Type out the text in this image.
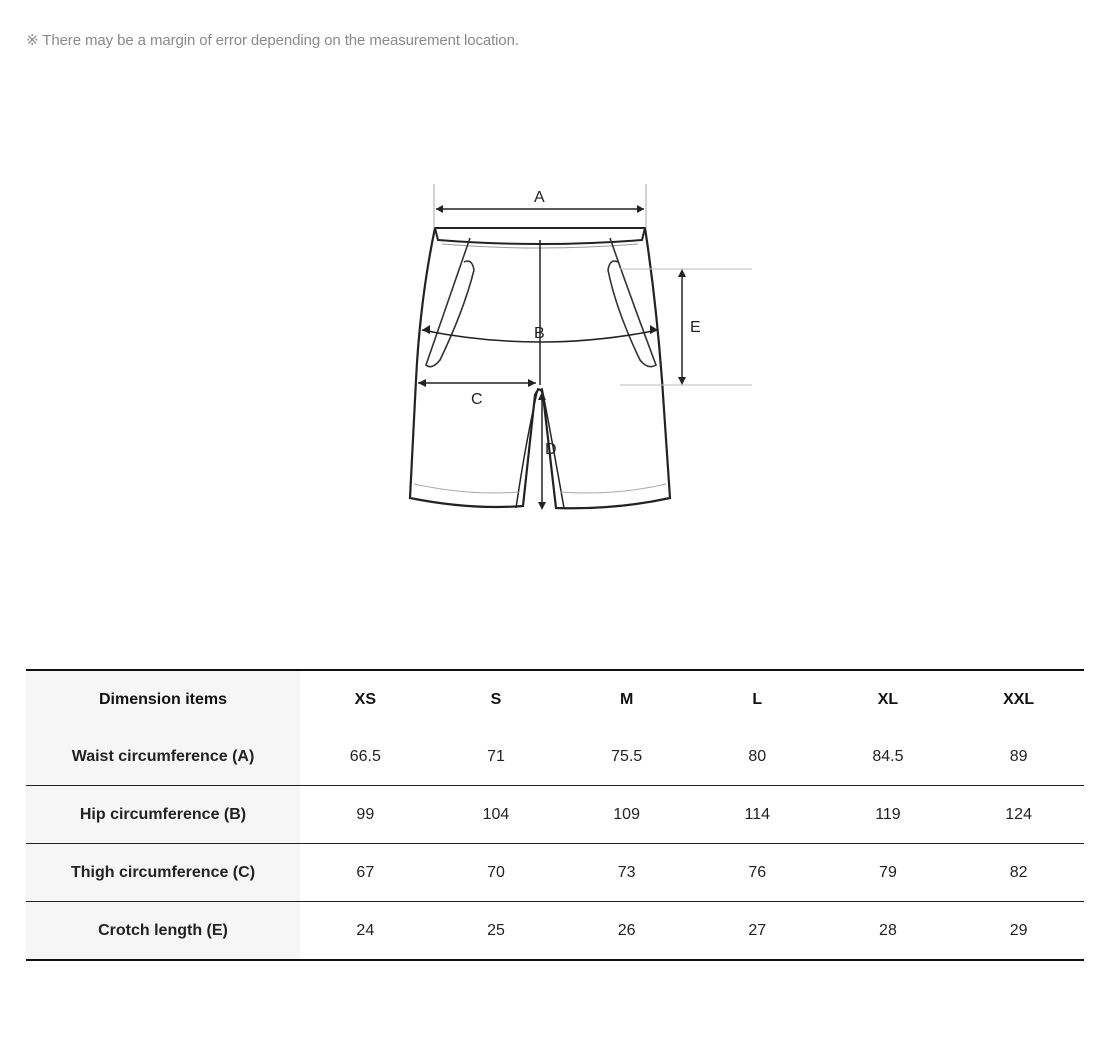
※ There may be a margin of error depending on the measurement location.
A
B
C
D
E
Dimension items	XS	S	M	L	XL	XXL
Waist circumference (A)	66.5	71	75.5	80	84.5	89
Hip circumference (B)	99	104	109	114	119	124
Thigh circumference (C)	67	70	73	76	79	82
Crotch length (E)	24	25	26	27	28	29
